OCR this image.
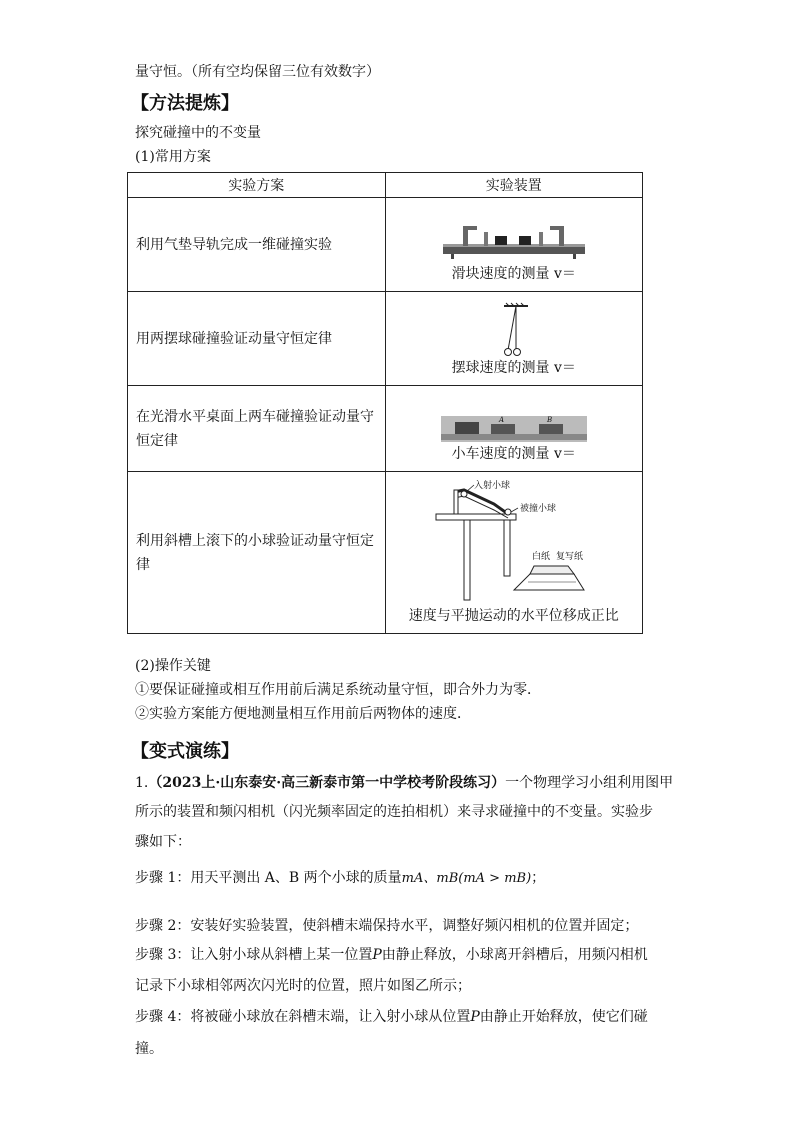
量守恒。（所有空均保留三位有效数字）
【方法提炼】
探究碰撞中的不变量
(1)常用方案
实验方案	实验装置
利用气垫导轨完成一维碰撞实验	滑块速度的测量 v＝

用两摆球碰撞验证动量守恒定律	摆球速度的测量 v＝

在光滑水平桌面上两车碰撞验证动量守恒定律	A B
小车速度的测量 v＝

利用斜槽上滚下的小球验证动量守恒定律	入射小球
被撞小球
白纸 复写纸
速度与平抛运动的水平位移成正比
(2)操作关键
①要保证碰撞或相互作用前后满足系统动量守恒，即合外力为零．
②实验方案能方便地测量相互作用前后两物体的速度．
【变式演练】
1.（2023上·山东泰安·高三新泰市第一中学校考阶段练习）一个物理学习小组利用图甲
所示的装置和频闪相机（闪光频率固定的连拍相机）来寻求碰撞中的不变量。实验步
骤如下：
步骤 1：用天平测出 A、B 两个小球的质量mA、mB(mA > mB)；
步骤 2：安装好实验装置，使斜槽末端保持水平，调整好频闪相机的位置并固定；
步骤 3：让入射小球从斜槽上某一位置P由静止释放，小球离开斜槽后，用频闪相机
记录下小球相邻两次闪光时的位置，照片如图乙所示；
步骤 4：将被碰小球放在斜槽末端，让入射小球从位置P由静止开始释放，使它们碰
撞。
